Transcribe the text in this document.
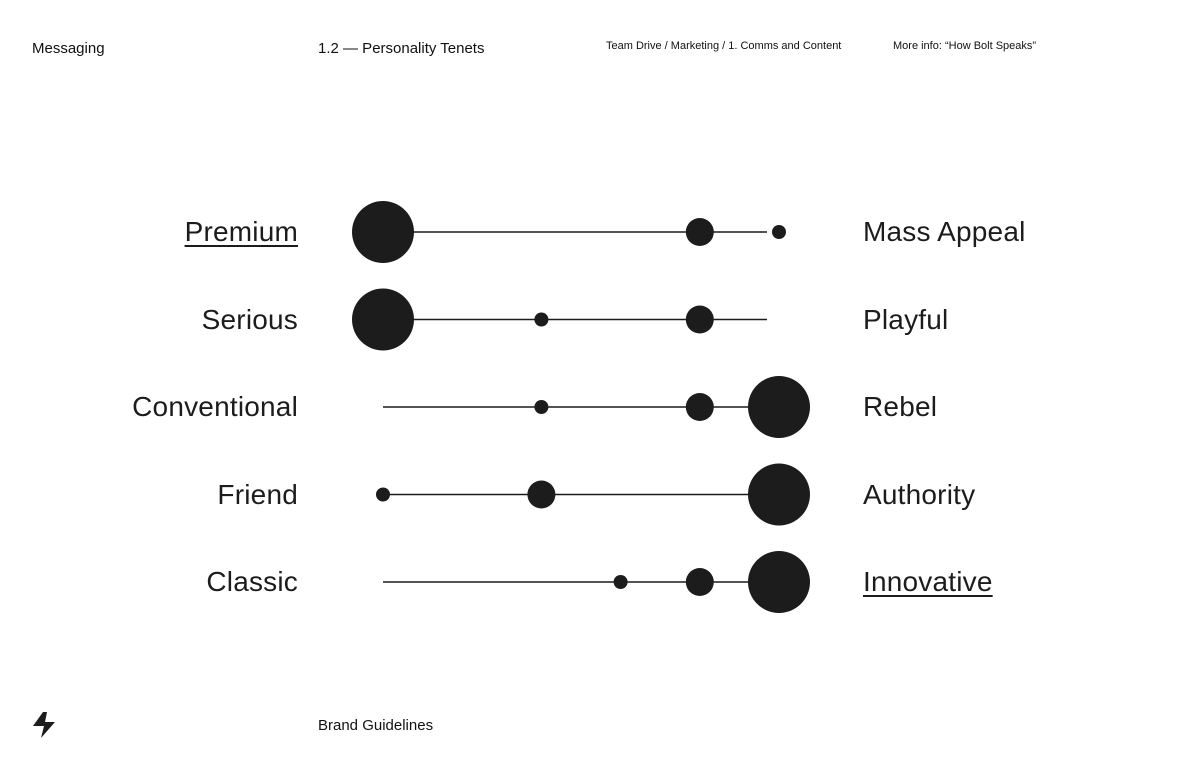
Messaging	1.2 — Personality Tenets	Team Drive / Marketing / 1. Comms and Content	More info: “How Bolt Speaks”
Premium	Mass Appeal
Serious	Playful
Conventional	Rebel
Friend	Authority
Classic	Innovative
Brand Guidelines
